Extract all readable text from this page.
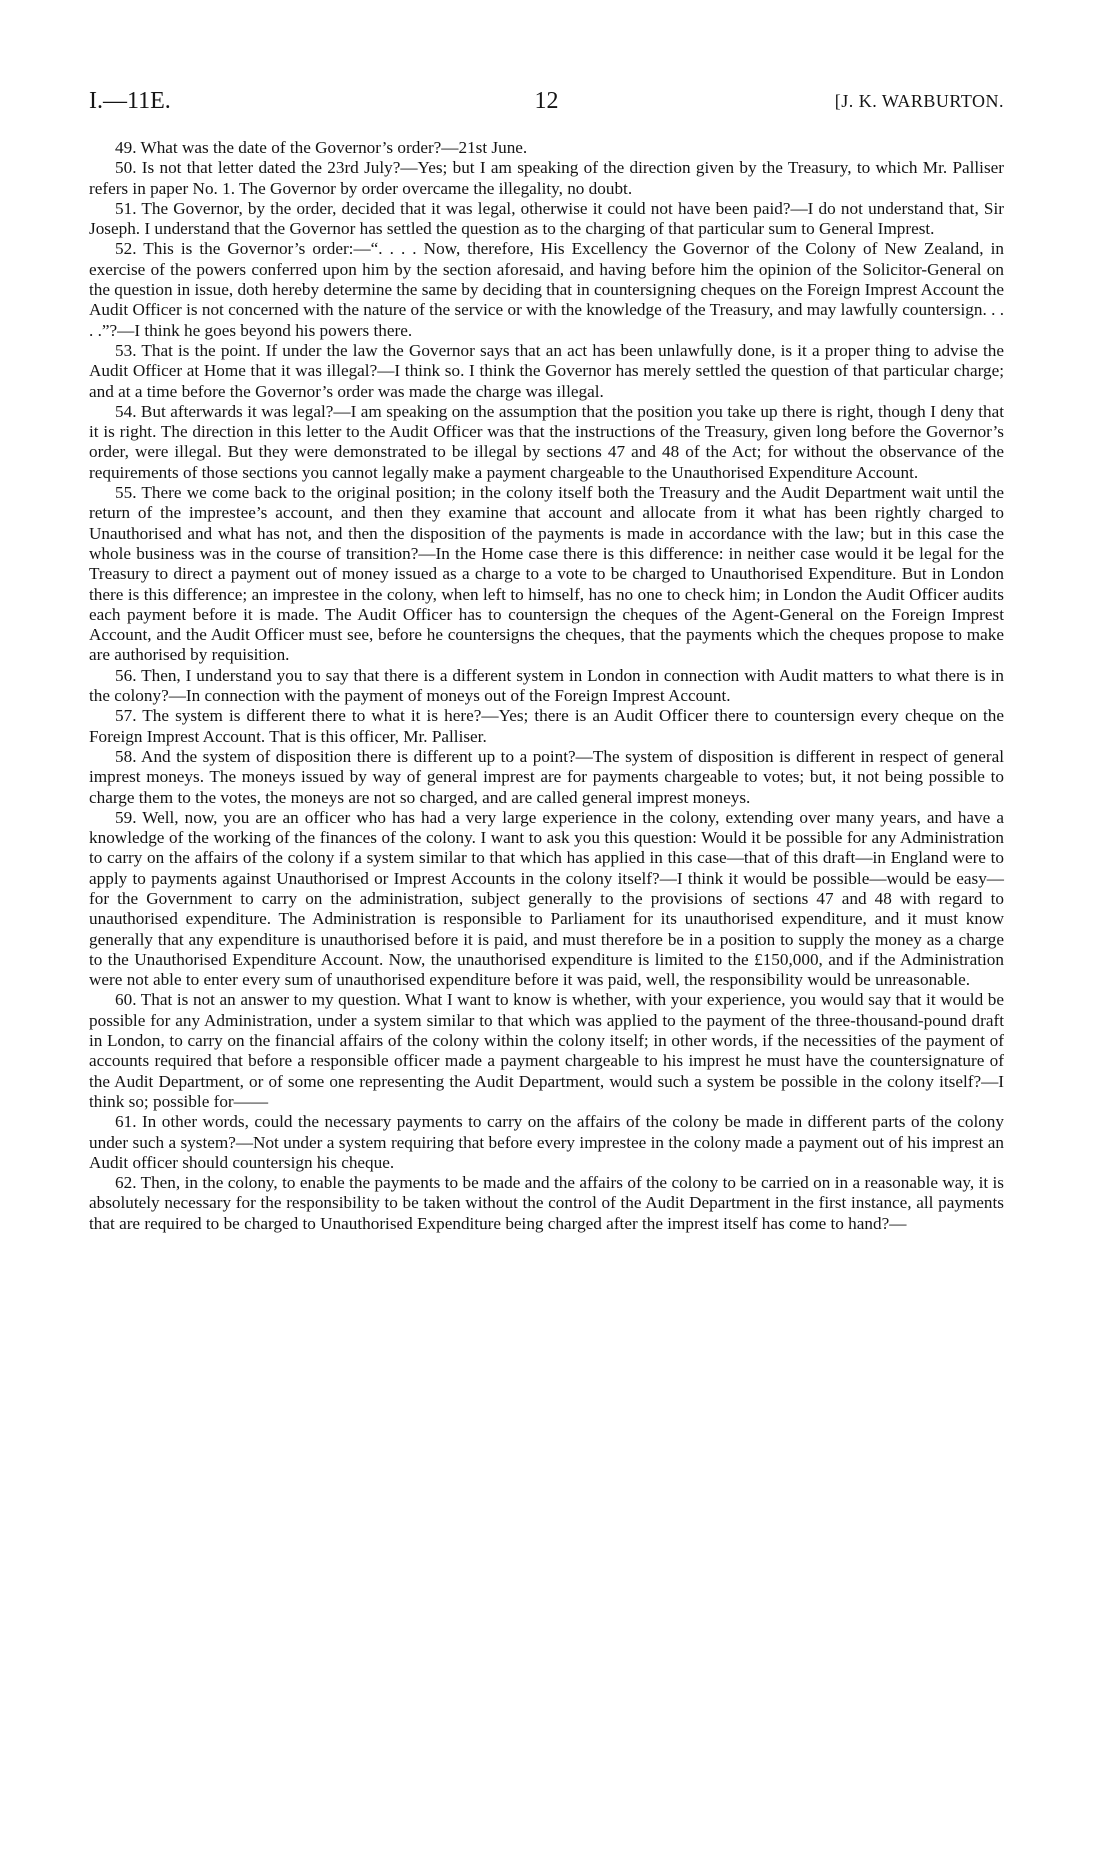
I.—11E.	12	[J. K. WARBURTON.

49. What was the date of the Governor’s order?—21st June.

50. Is not that letter dated the 23rd July?—Yes; but I am speaking of the direction given by the Treasury, to which Mr. Palliser refers in paper No. 1. The Governor by order overcame the illegality, no doubt.

51. The Governor, by the order, decided that it was legal, otherwise it could not have been paid?—I do not understand that, Sir Joseph. I understand that the Governor has settled the question as to the charging of that particular sum to General Imprest.

52. This is the Governor’s order:—“. . . . Now, therefore, His Excellency the Governor of the Colony of New Zealand, in exercise of the powers conferred upon him by the section aforesaid, and having before him the opinion of the Solicitor-General on the question in issue, doth hereby determine the same by deciding that in countersigning cheques on the Foreign Imprest Account the Audit Officer is not concerned with the nature of the service or with the knowledge of the Treasury, and may lawfully countersign. . . . .”?—I think he goes beyond his powers there.

53. That is the point. If under the law the Governor says that an act has been unlawfully done, is it a proper thing to advise the Audit Officer at Home that it was illegal?—I think so. I think the Governor has merely settled the question of that particular charge; and at a time before the Governor’s order was made the charge was illegal.

54. But afterwards it was legal?—I am speaking on the assumption that the position you take up there is right, though I deny that it is right. The direction in this letter to the Audit Officer was that the instructions of the Treasury, given long before the Governor’s order, were illegal. But they were demonstrated to be illegal by sections 47 and 48 of the Act; for without the observance of the requirements of those sections you cannot legally make a payment chargeable to the Unauthorised Expenditure Account.

55. There we come back to the original position; in the colony itself both the Treasury and the Audit Department wait until the return of the imprestee’s account, and then they examine that account and allocate from it what has been rightly charged to Unauthorised and what has not, and then the disposition of the payments is made in accordance with the law; but in this case the whole business was in the course of transition?—In the Home case there is this difference: in neither case would it be legal for the Treasury to direct a payment out of money issued as a charge to a vote to be charged to Unauthorised Expenditure. But in London there is this difference; an imprestee in the colony, when left to himself, has no one to check him; in London the Audit Officer audits each payment before it is made. The Audit Officer has to countersign the cheques of the Agent-General on the Foreign Imprest Account, and the Audit Officer must see, before he countersigns the cheques, that the payments which the cheques propose to make are authorised by requisition.

56. Then, I understand you to say that there is a different system in London in connection with Audit matters to what there is in the colony?—In connection with the payment of moneys out of the Foreign Imprest Account.

57. The system is different there to what it is here?—Yes; there is an Audit Officer there to countersign every cheque on the Foreign Imprest Account. That is this officer, Mr. Palliser.

58. And the system of disposition there is different up to a point?—The system of disposition is different in respect of general imprest moneys. The moneys issued by way of general imprest are for payments chargeable to votes; but, it not being possible to charge them to the votes, the moneys are not so charged, and are called general imprest moneys.

59. Well, now, you are an officer who has had a very large experience in the colony, extending over many years, and have a knowledge of the working of the finances of the colony. I want to ask you this question: Would it be possible for any Administration to carry on the affairs of the colony if a system similar to that which has applied in this case—that of this draft—in England were to apply to payments against Unauthorised or Imprest Accounts in the colony itself?—I think it would be possible—would be easy—for the Government to carry on the administration, subject generally to the provisions of sections 47 and 48 with regard to unauthorised expenditure. The Administration is responsible to Parliament for its unauthorised expenditure, and it must know generally that any expenditure is unauthorised before it is paid, and must therefore be in a position to supply the money as a charge to the Unauthorised Expenditure Account. Now, the unauthorised expenditure is limited to the £150,000, and if the Administration were not able to enter every sum of unauthorised expenditure before it was paid, well, the responsibility would be unreasonable.

60. That is not an answer to my question. What I want to know is whether, with your experience, you would say that it would be possible for any Administration, under a system similar to that which was applied to the payment of the three-thousand-pound draft in London, to carry on the financial affairs of the colony within the colony itself; in other words, if the necessities of the payment of accounts required that before a responsible officer made a payment chargeable to his imprest he must have the countersignature of the Audit Department, or of some one representing the Audit Department, would such a system be possible in the colony itself?—I think so; possible for——

61. In other words, could the necessary payments to carry on the affairs of the colony be made in different parts of the colony under such a system?—Not under a system requiring that before every imprestee in the colony made a payment out of his imprest an Audit officer should countersign his cheque.

62. Then, in the colony, to enable the payments to be made and the affairs of the colony to be carried on in a reasonable way, it is absolutely necessary for the responsibility to be taken without the control of the Audit Department in the first instance, all payments that are required to be charged to Unauthorised Expenditure being charged after the imprest itself has come to hand?—
